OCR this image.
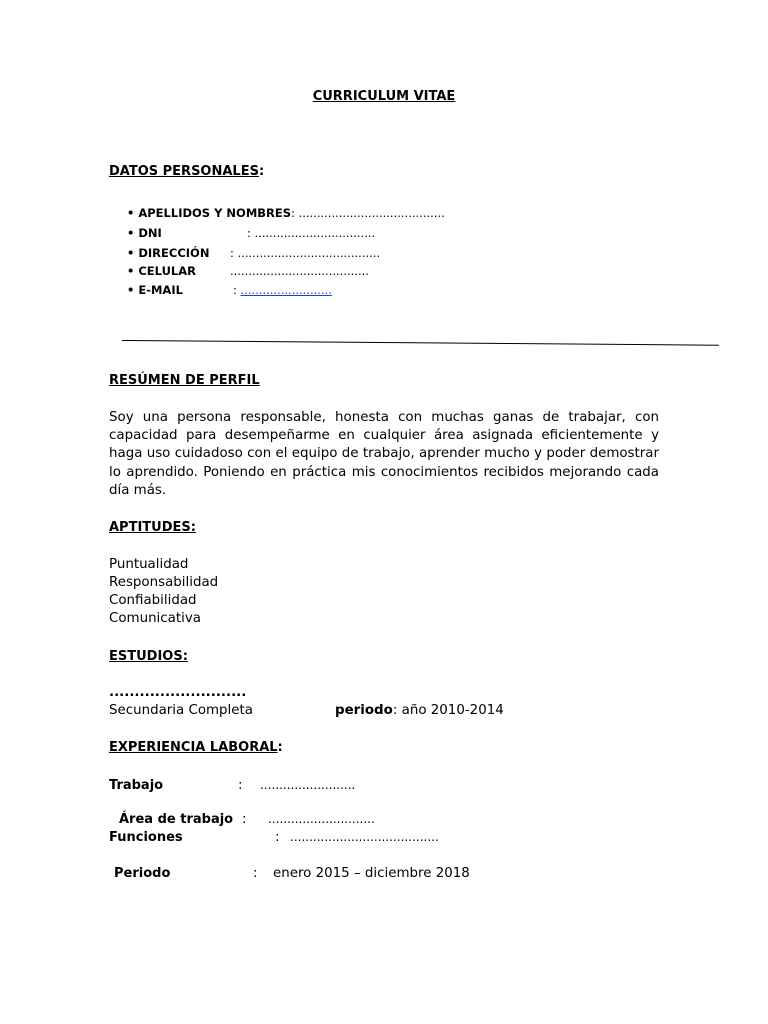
CURRICULUM VITAE
DATOS PERSONALES:
• APELLIDOS Y NOMBRES: ........................................
• DNI	: .................................
• DIRECCIÓN : .......................................
• CELULAR	......................................
• E-MAIL	: .........................
RESÚMEN DE PERFIL
Soy una persona responsable, honesta con muchas ganas de trabajar, con capacidad para desempeñarme en cualquier área asignada eficientemente y haga uso cuidadoso con el equipo de trabajo, aprender mucho y poder demostrar lo aprendido. Poniendo en práctica mis conocimientos recibidos mejorando cada día más.
APTITUDES:
Puntualidad
Responsabilidad
Confiabilidad
Comunicativa
ESTUDIOS:
...........................
Secundaria Completa	periodo: año 2010-2014
EXPERIENCIA LABORAL:
Trabajo	: .........................
Área de trabajo : ............................
Funciones	: .......................................
Periodo	: enero 2015 – diciembre 2018
